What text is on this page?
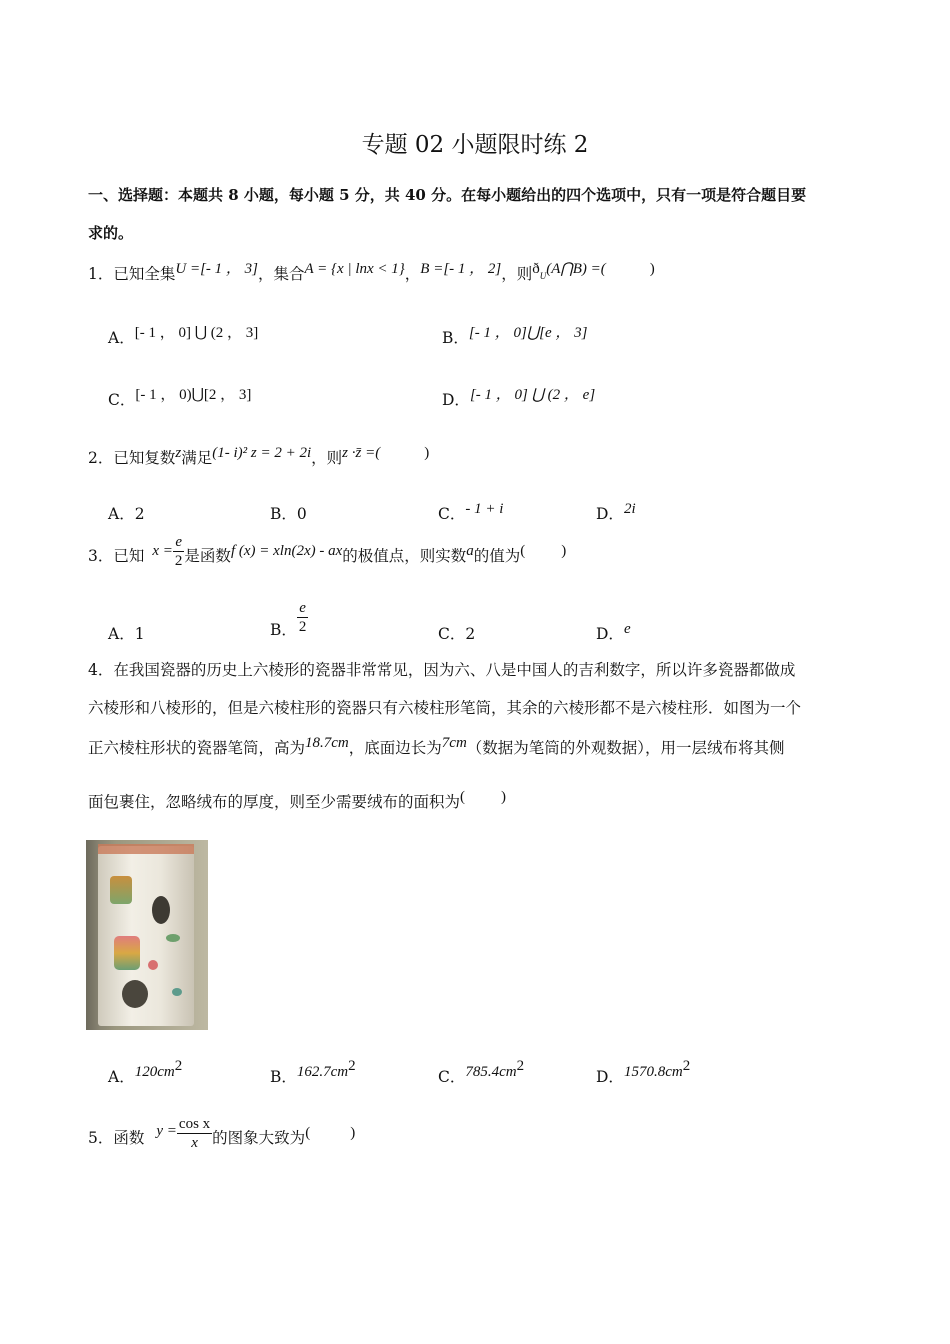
专题 02 小题限时练 2
一、选择题：本题共 8 小题，每小题 5 分，共 40 分。在每小题给出的四个选项中，只有一项是符合题目要
求的。
1．已知全集U =[- 1 ， 3]，集合A = {x | lnx < 1}，B =[- 1 ， 2]，则$ð_U(A⋂B)$ =(	)
A．[- 1 ， 0] ⋃ (2 ， 3]	B．[- 1 ， 0]⋃[e ， 3]
C．[- 1 ， 0)⋃[2 ， 3]	D．[- 1 ， 0] ⋃ (2 ， e]
2．已知复数z满足(1- i)² z = 2 + 2i，则z ·z̄ =(	)
A．2	B．0	C．- 1 + i	D．2i
3．已知 $x = \frac{e}{2}$ 是函数f (x) = xln(2x) - ax的极值点，则实数a的值为( )
A．1	B． $\frac{e}{2}$	C．2	D．e
4．在我国瓷器的历史上六棱形的瓷器非常常见，因为六、八是中国人的吉利数字，所以许多瓷器都做成
六棱形和八棱形的，但是六棱柱形的瓷器只有六棱柱形笔筒，其余的六棱形都不是六棱柱形．如图为一个
正六棱柱形状的瓷器笔筒，高为18.7cm，底面边长为7cm（数据为笔筒的外观数据），用一层绒布将其侧
面包裹住，忽略绒布的厚度，则至少需要绒布的面积为( )
A．$120cm^2$
B．$162.7cm^2$
C．$785.4cm^2$
D．$1570.8cm^2$
5．函数 $y = \frac{\text{cos x}}{x}$ 的图象大致为(	)
